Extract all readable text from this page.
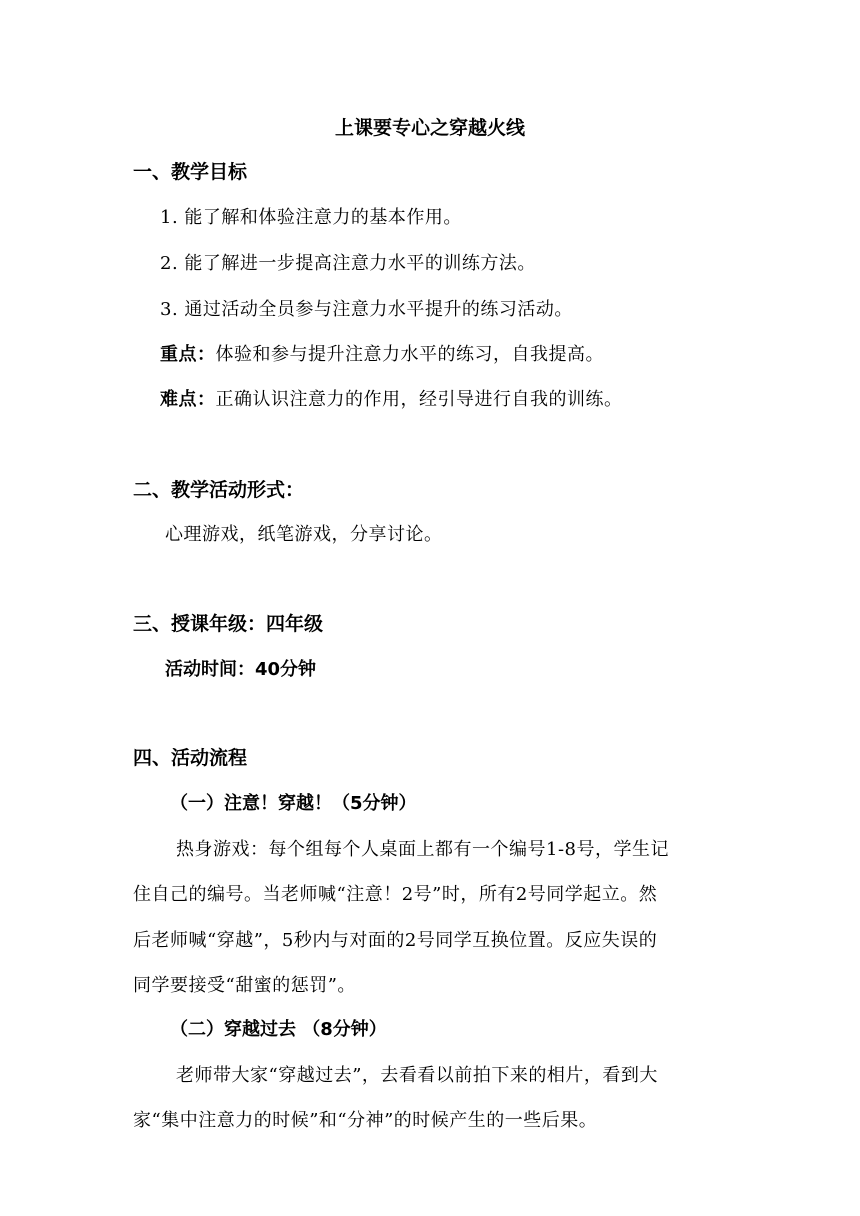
上课要专心之穿越火线
一、教学目标
1. 能了解和体验注意力的基本作用。
2. 能了解进一步提高注意力水平的训练方法。
3. 通过活动全员参与注意力水平提升的练习活动。
重点：体验和参与提升注意力水平的练习，自我提高。
难点：正确认识注意力的作用，经引导进行自我的训练。
二、教学活动形式：
心理游戏，纸笔游戏，分享讨论。
三、授课年级：四年级
活动时间：40分钟
四、活动流程
（一）注意！穿越！（5分钟）
热身游戏：每个组每个人桌面上都有一个编号1-8号，学生记
住自己的编号。当老师喊“注意！2号”时，所有2号同学起立。然
后老师喊“穿越”，5秒内与对面的2号同学互换位置。反应失误的
同学要接受“甜蜜的惩罚”。
（二）穿越过去 （8分钟）
老师带大家“穿越过去”，去看看以前拍下来的相片，看到大
家“集中注意力的时候”和“分神”的时候产生的一些后果。
